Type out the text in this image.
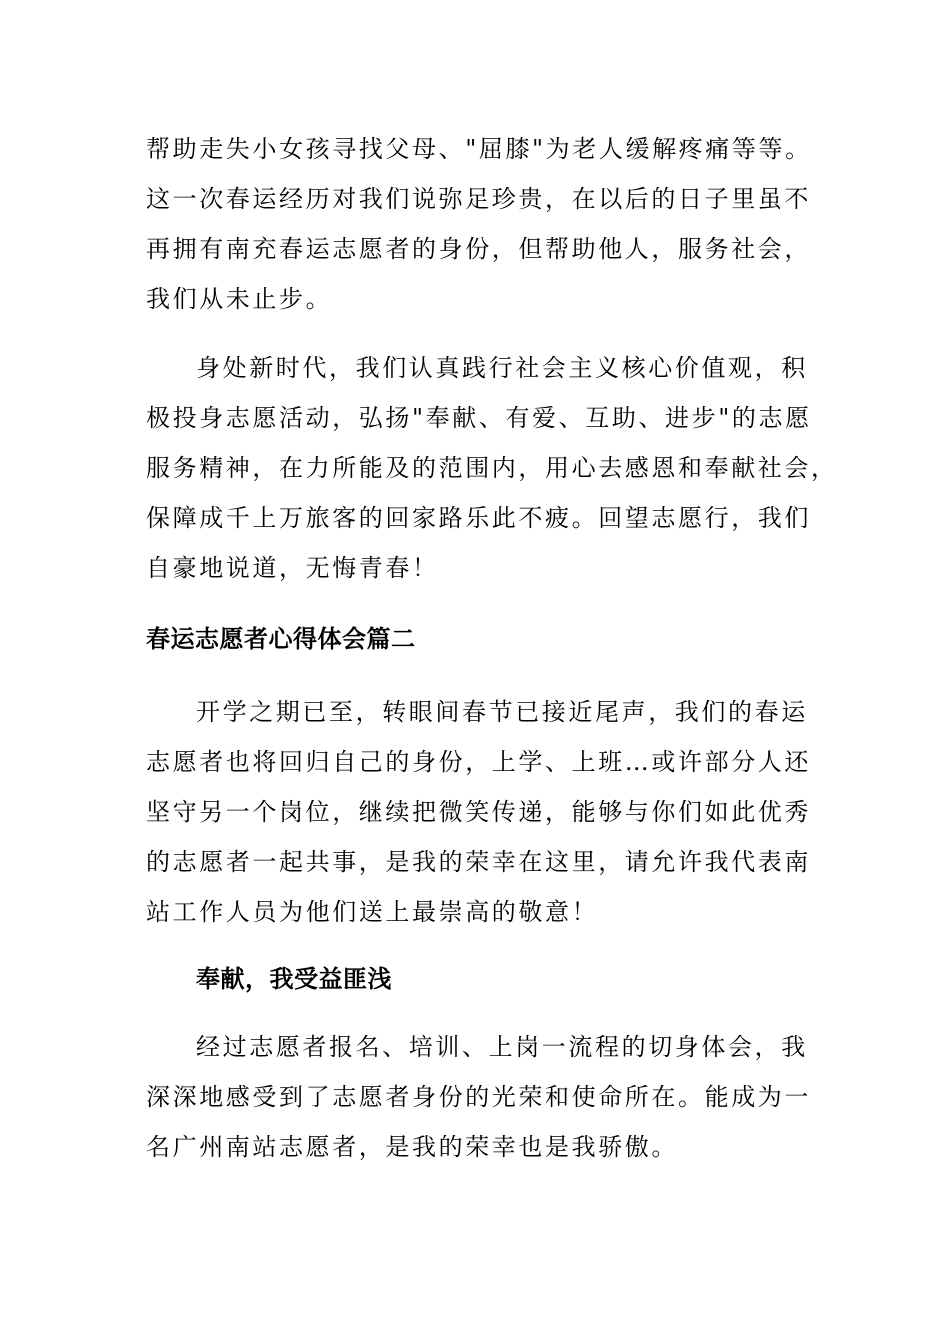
帮助走失小女孩寻找父母、"屈膝"为老人缓解疼痛等等。
这一次春运经历对我们说弥足珍贵，在以后的日子里虽不
再拥有南充春运志愿者的身份，但帮助他人，服务社会，
我们从未止步。
身处新时代，我们认真践行社会主义核心价值观，积
极投身志愿活动，弘扬"奉献、有爱、互助、进步"的志愿
服务精神，在力所能及的范围内，用心去感恩和奉献社会，
保障成千上万旅客的回家路乐此不疲。回望志愿行，我们
自豪地说道，无悔青春！
春运志愿者心得体会篇二
开学之期已至，转眼间春节已接近尾声，我们的春运
志愿者也将回归自己的身份，上学、上班…或许部分人还
坚守另一个岗位，继续把微笑传递，能够与你们如此优秀
的志愿者一起共事，是我的荣幸在这里，请允许我代表南
站工作人员为他们送上最崇高的敬意！
奉献，我受益匪浅
经过志愿者报名、培训、上岗一流程的切身体会，我
深深地感受到了志愿者身份的光荣和使命所在。能成为一
名广州南站志愿者，是我的荣幸也是我骄傲。
